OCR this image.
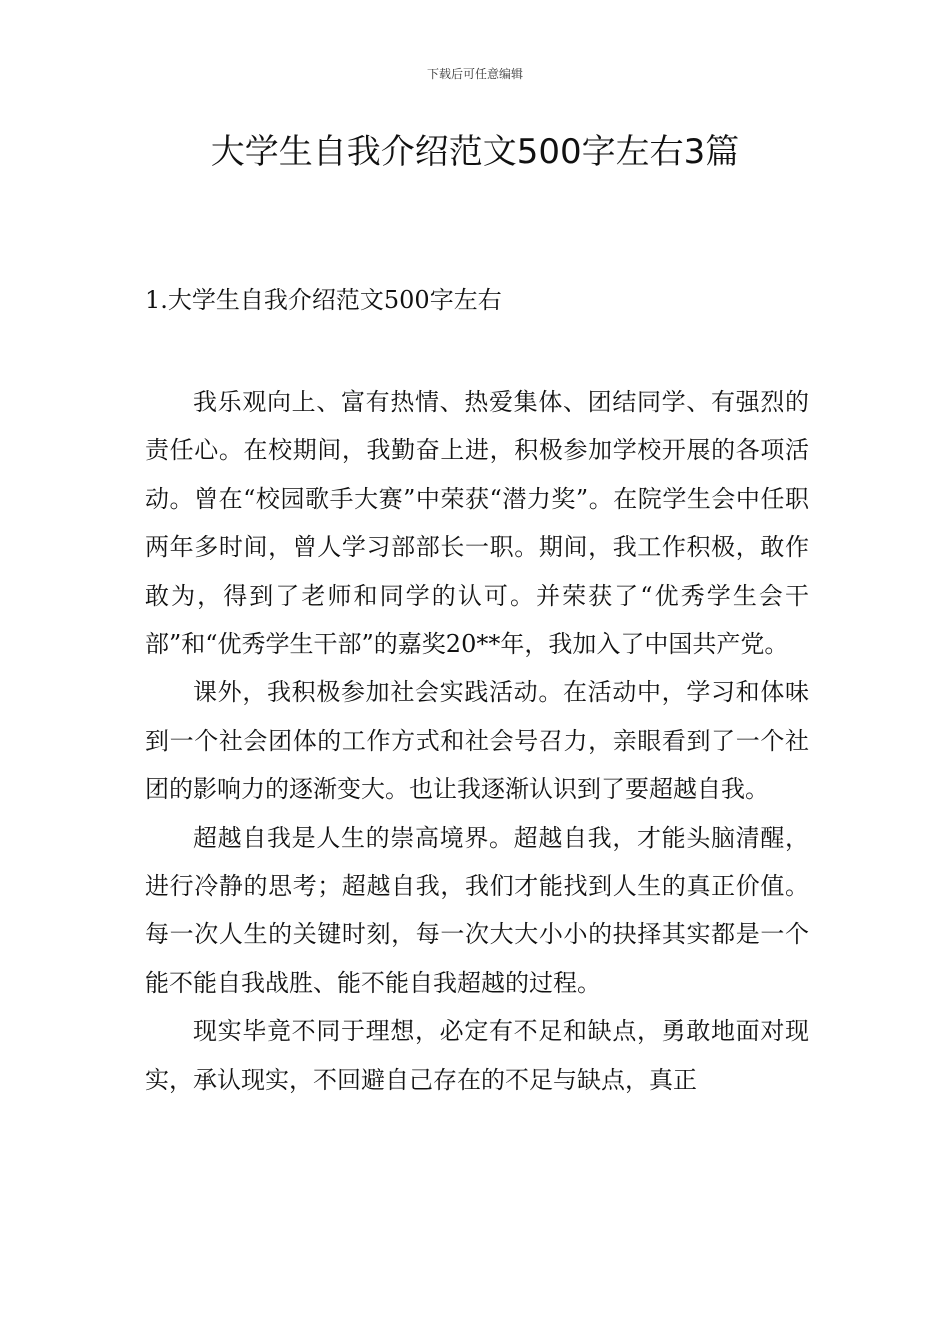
下载后可任意编辑
大学生自我介绍范文500字左右3篇
1.大学生自我介绍范文500字左右

我乐观向上、富有热情、热爱集体、团结同学、有强烈的责任心。在校期间，我勤奋上进，积极参加学校开展的各项活动。曾在“校园歌手大赛”中荣获“潜力奖”。在院学生会中任职两年多时间，曾人学习部部长一职。期间，我工作积极，敢作敢为，得到了老师和同学的认可。并荣获了“优秀学生会干部”和“优秀学生干部”的嘉奖20**年，我加入了中国共产党。

课外，我积极参加社会实践活动。在活动中，学习和体味到一个社会团体的工作方式和社会号召力，亲眼看到了一个社团的影响力的逐渐变大。也让我逐渐认识到了要超越自我。

超越自我是人生的崇高境界。超越自我，才能头脑清醒，进行冷静的思考；超越自我，我们才能找到人生的真正价值。每一次人生的关键时刻，每一次大大小小的抉择其实都是一个能不能自我战胜、能不能自我超越的过程。

现实毕竟不同于理想，必定有不足和缺点，勇敢地面对现实，承认现实，不回避自己存在的不足与缺点，真正
